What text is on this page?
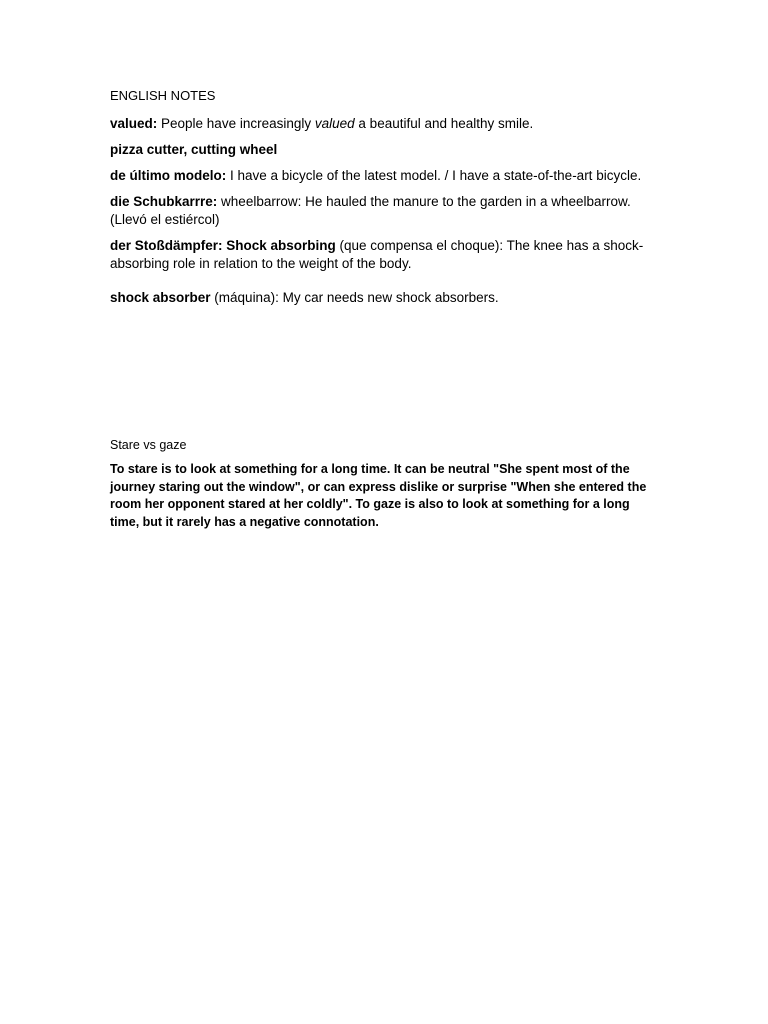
ENGLISH NOTES

valued: People have increasingly valued a beautiful and healthy smile.

pizza cutter, cutting wheel

de último modelo: I have a bicycle of the latest model. / I have a state-of-the-art bicycle.

die Schubkarrre: wheelbarrow: He hauled the manure to the garden in a wheelbarrow. (Llevó el estiércol)

der Stoßdämpfer: Shock absorbing (que compensa el choque): The knee has a shock-absorbing role in relation to the weight of the body.

shock absorber (máquina): My car needs new shock absorbers.

Stare vs gaze

To stare is to look at something for a long time. It can be neutral "She spent most of the journey staring out the window", or can express dislike or surprise "When she entered the room her opponent stared at her coldly". To gaze is also to look at something for a long time, but it rarely has a negative connotation.
